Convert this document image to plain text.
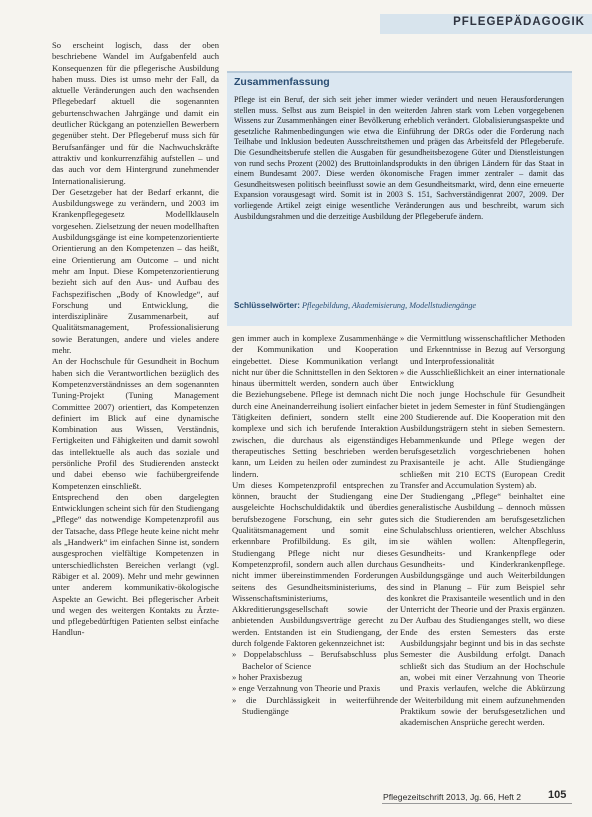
PFLEGEPÄDAGOGIK

So erscheint logisch, dass der oben beschriebene Wandel im Aufgabenfeld auch Konsequenzen für die pflegerische Ausbildung haben muss. Dies ist umso mehr der Fall, da aktuelle Veränderungen auch den wachsenden Pflegebedarf aktuell die sogenannten geburtenschwachen Jahrgänge und damit ein deutlicher Rückgang an potenziellen Bewerbern gegenüber steht. Der Pflegeberuf muss sich für Berufsanfänger und für die Nachwuchskräfte attraktiv und konkurrenzfähig aufstellen – und das auch vor dem Hintergrund zunehmender Internationalisierung.

Der Gesetzgeber hat der Bedarf erkannt, die Ausbildungswege zu verändern, und 2003 im Krankenpflegegesetz Modellklauseln vorgesehen. Zielsetzung der neuen modellhaften Ausbildungsgänge ist eine kompetenzorientierte Orientierung an den Kompetenzen – das heißt, eine Orientierung am Outcome – und nicht mehr am Input. Diese Kompetenzorientierung bezieht sich auf den Aus- und Aufbau des Fachspezifischen „Body of Knowledge“, auf Forschung und Entwicklung, die interdisziplinäre Zusammenarbeit, auf Qualitätsmanagement, Professionalisierung sowie Beratungen, andere und vieles andere mehr.

An der Hochschule für Gesundheit in Bochum haben sich die Verantwortlichen bezüglich des Kompetenzverständnisses an dem sogenannten Tuning-Projekt (Tuning Management Committee 2007) orientiert, das Kompetenzen definiert im Blick auf eine dynamische Kombination aus Wissen, Verständnis, Fertigkeiten und Fähigkeiten und damit sowohl das intellektuelle als auch das soziale und persönliche Profil des Studierenden ansteckt und dabei ebenso wie fachübergreifende Kompetenzen einschließt.

Entsprechend den oben dargelegten Entwicklungen scheint sich für den Studiengang „Pflege“ das notwendige Kompetenzprofil aus der Tatsache, dass Pflege heute keine nicht mehr als „Handwerk“ im einfachen Sinne ist, sondern ausgesprochen vielfältige Kompetenzen in unterschiedlichsten Bereichen verlangt (vgl. Räbiger et al. 2009). Mehr und mehr gewinnen unter anderem kommunikativ-ökologische Aspekte an Gewicht. Bei pflegerischer Arbeit und wegen des weitergen Kontakts zu Ärzte- und pflegebedürftigen Patienten selbst einfache Handlun-

Zusammenfassung
Pflege ist ein Beruf, der sich seit jeher immer wieder verändert und neuen Herausforderungen stellen muss. Selbst aus zum Beispiel in den weiterden Jahren stark vom Leben vorgegebenen Wissens zur Zusammenhängen einer Bevölkerung erheblich verändert. Globalisierungsaspekte und gesetzliche Rahmenbedingungen wie etwa die Einführung der DRGs oder die Forderung nach Teilhabe und Inklusion bedeuten Ausschreitsthemen und prägen das Arbeitsfeld der Pflegeberufe. Die Gesundheitsberufe stellen die Ausgaben für gesundheitsbezogene Güter und Dienstleistungen von rund sechs Prozent (2002) des Bruttoinlandsprodukts in den übrigen Ländern für das Staat in einem Bundesamt 2007. Diese werden ökonomische Fragen immer zentraler – damit das Gesundheitswesen politisch beeinflusst sowie an dem Gesundheitsmarkt, wird, denn eine erneuerte Expansion vorausgesagt wird. Somit ist in 2003 S. 151, Sachverständigenrat 2007, 2009. Der vorliegende Artikel zeigt einige wesentliche Veränderungen aus und beschreibt, warum sich Ausbildungsrahmen und die derzeitige Ausbildung der Pflegeberufe ändern.
Schlüsselwörter: Pflegebildung, Akademisierung, Modellstudiengänge

gen immer auch in komplexe Zusammenhänge der Kommunikation und Kooperation eingebettet. Diese Kommunikation verlangt nicht nur über die Schnittstellen in den Sektoren hinaus übermittelt werden, sondern auch über die Beziehungsebene. Pflege ist demnach nicht durch eine Aneinanderreihung isoliert einfacher Tätigkeiten definiert, sondern stellt eine komplexe und sich ich berufende Interaktion zwischen, die durchaus als eigenständiges therapeutisches Setting beschrieben werden kann, um Leiden zu heilen oder zumindest zu lindern.

Um dieses Kompetenzprofil entsprechen zu können, braucht der Studiengang eine ausgeleichte Hochschuldidaktik und überdies berufsbezogene Forschung, ein sehr gutes Qualitätsmanagement und somit eine erkennbare Profilbildung. Es gilt, im Studiengang Pflege nicht nur dieses Kompetenzprofil, sondern auch allen durchaus nicht immer übereinstimmenden Forderungen seitens des Gesundheitsministeriums, des Wissenschaftsministeriums, des Akkreditierungsgesellschaft sowie der anbietenden Ausbildungsverträge gerecht zu werden. Entstanden ist ein Studiengang, der durch folgende Faktoren gekennzeichnet ist:

» Doppelabschluss – Berufsabschluss plus Bachelor of Science

» hoher Praxisbezug

» enge Verzahnung von Theorie und Praxis

» die Durchlässigkeit in weiterführende Studiengänge

» die Vermittlung wissenschaftlicher Methoden und Erkenntnisse in Bezug auf Versorgung und Interprofessionalität

» die Ausschließlichkeit an einer internationale Entwicklung

Die noch junge Hochschule für Gesundheit bietet in jedem Semester in fünf Studiengängen 200 Studierende auf. Die Kooperation mit den Ausbildungsträgern steht in sieben Semestern. Hebammenkunde und Pflege wegen der berufsgesetzlich vorgeschriebenen hohen Praxisanteile je acht. Alle Studiengänge schließen mit 210 ECTS (European Credit Transfer and Accumulation System) ab.

Der Studiengang „Pflege“ beinhaltet eine generalistische Ausbildung – dennoch müssen sich die Studierenden am berufsgesetzlichen Schulabschluss orientieren, welcher Abschluss sie wählen wollen: Altenpflegerin, Gesundheits- und Krankenpflege oder Gesundheits- und Kinderkrankenpflege. Ausbildungsgänge und auch Weiterbildungen sind in Planung – Für zum Beispiel sehr konkret die Praxisanteile wesentlich und in den Unterricht der Theorie und der Praxis ergänzen. Der Aufbau des Studienganges stellt, wo diese Ende des ersten Semesters das erste Ausbildungsjahr beginnt und bis in das sechste Semester die Ausbildung erfolgt. Danach schließt sich das Studium an der Hochschule an, wobei mit einer Verzahnung von Theorie und Praxis verlaufen, welche die Abkürzung der Weiterbildung mit einem aufzunehmenden Praktikum sowie der berufsgesetzlichen und akademischen Ansprüche gerecht werden.

Pflegezeitschrift 2013, Jg. 66, Heft 2 105
